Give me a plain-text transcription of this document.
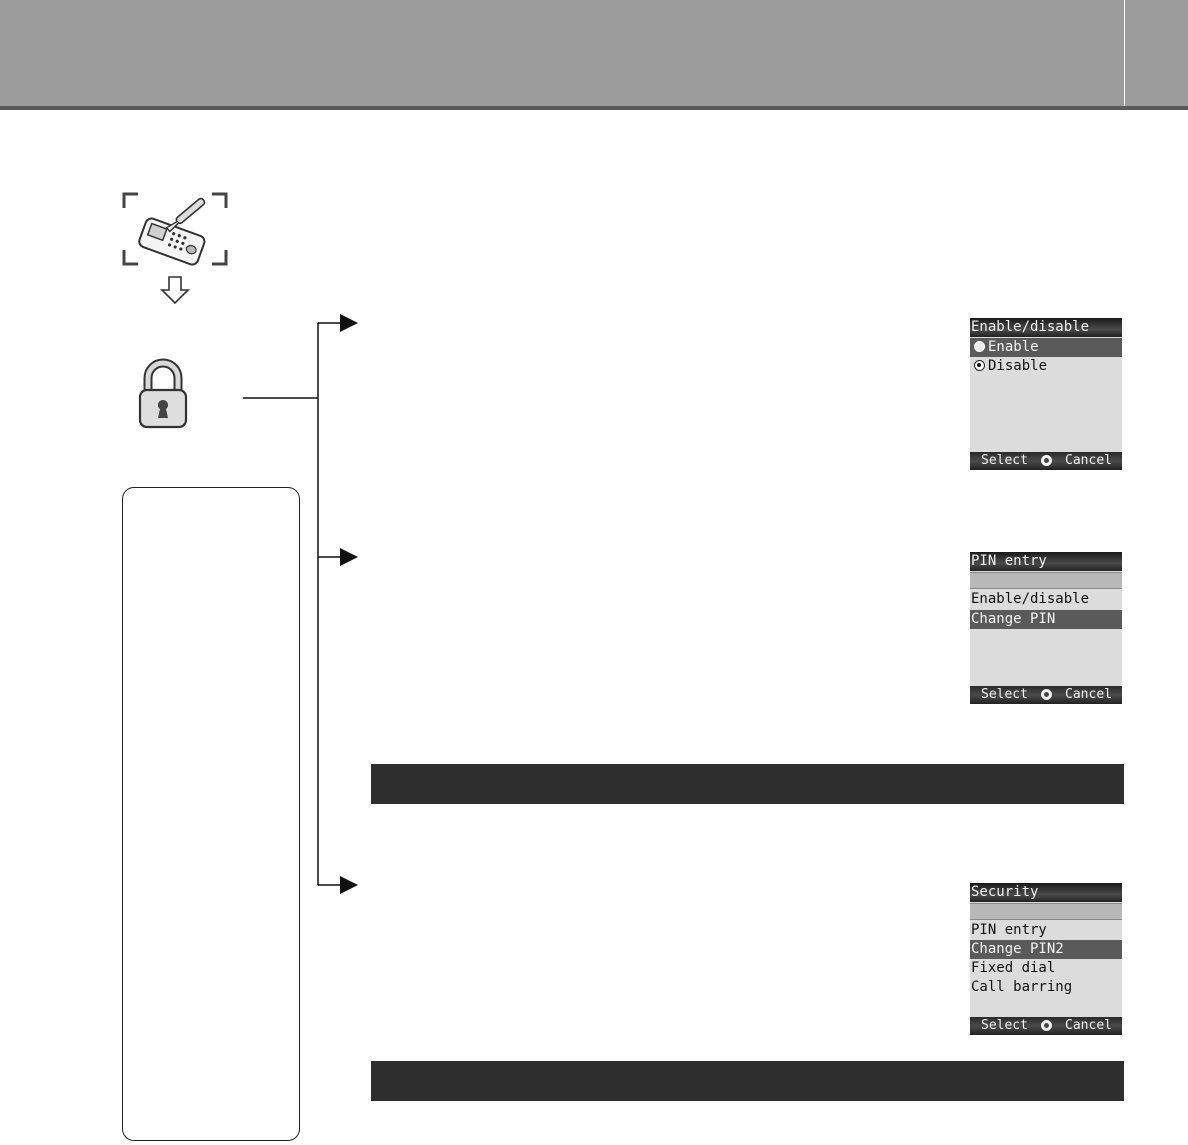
Enable/disable
Enable
Disable
Select	Cancel
PIN entry
Enable/disable
Change PIN
Select	Cancel
Security
PIN entry
Change PIN2
Fixed dial
Call barring
Select	Cancel
